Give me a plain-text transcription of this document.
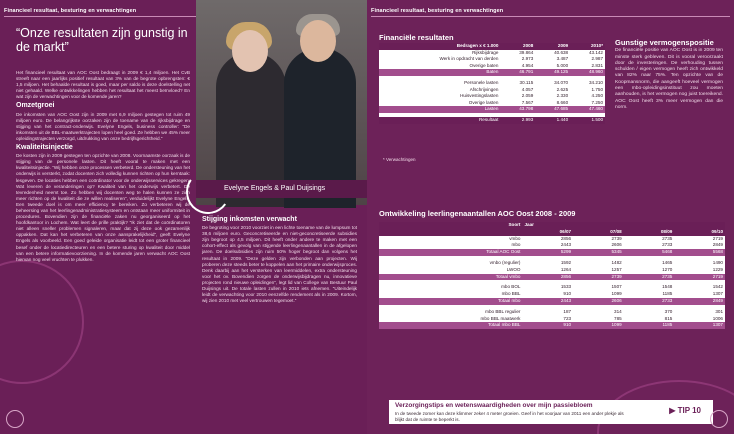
Financieel resultaat, besturing en verwachtingen
“Onze resultaten zijn gunstig in de markt”
Het financieel resultaat van AOC Oost bedraagt in 2009 € 1,4 miljoen. Het CvB streeft naar een jaarlijks positief resultaat van 3% van de begrote opbrengsten: € 1,5 miljoen. Het behaalde resultaat is goed, maar per saldo is deze doelstelling net niet gehaald. Welke ontwikkelingen hebben het resultaat het meest beïnvloed? En wat zijn de verwachtingen voor de komende jaren?
Omzetgroei
De inkomsten van AOC Oost zijn in 2009 met 6,9 miljoen gestegen tot ruim 49 miljoen euro. De belangrijkste oorzaken zijn de toename van de rijksbijdrage en stijging van het contract-onderwijs. Evelyne Engels, business controller: “De inkomsten uit de BBL-maatwerktrajecten lopen heel goed. Ze hebben we 45% meer opleidingstrajecten verzorgd, uitdrukking van onze bedrijfsgerichtheid.”
Kwaliteitsinjectie
De kosten zijn in 2009 gestegen ten opzichte van 2008. Voornaamste oorzaak is de stijging van de personele lasten. Dit heeft vooral te maken met een kwaliteitsinjectie. “Wij hebben onze processen verbeterd. De ondersteuning van het onderwijs is versterkt, zodat docenten zich volledig kunnen richten op hun kerntaak: lesgeven. De locaties hebben een coördinator voor de onderwijsservices gekregen. Wat leveren de veranderingen op? Kwaliteit van het onderwijs verbetert. De tevredenheid neemt toe. Zo hebben wij docenten weg te halen kunnen ze zich meer richten op de kwaliteit die ze willen realiseren”, verduidelijkt Evelyne Engels. Een tweede doel is om meer efficiency te bereiken. Zo verbeteren wij de beheersing van het leerlingenadministratiesysteem en ontstaan meer uniformiteit in procedures. Bovendien zijn de financiële zaken nu georganiseerd op het hoofdkantoor in Lochem. Wat leert de prille praktijk? “Ik ziet dat de coördinatoren niet alleen sneller problemen signaleren, maar dat zij deze ook gezamenlijk oppakken. Dat kan het verbeteren van onze aansprakelijkheid”, geeft Evelyne Engels als voorbeeld. Een goed geleide organisatie leidt tot een groter financieel besef onder de locatiedirecteuren en een betere sturing op kwaliteit door middel van een betere informatievoorziening. In de komende jaren verwacht AOC Oost hiervan nog veel vruchten te plukken.
Evelyne Engels & Paul Duijsings
Stijging inkomsten verwacht
De begroting voor 2010 voorziet in een lichte toename van de lumpsum tot 38,6 miljoen euro. Geconcretiseerde en niet-geconcretiseerde subsidies zijn begroot op 4,5 miljoen. Dit heeft onder andere te maken met een cohort-effect als gevolg van stijgende leerlingenaantallen in de afgelopen jaren. De doelsubsidies zijn ruim 50% hoger begroot dan volgens het resultaat in 2009. “Deze gelden zijn verbonden aan projecten. Wij proberen deze steeds beter te koppelen aan het primaire onderwijsproces. Denk daarbij aan het versterken van leermiddelen, extra ondersteuning voor het ov. Bovendien zorgen de onderwijsbijdragen nu, innovatieve projecten rond nieuwe opleidingen”, legt lid van College van Bestuur Paul Duijsings uit. De totale lasten zullen in 2010 iets afnemen. “Uiteindelijk leidt de verwachting voor 2010 eenzelfde rendement als in 2009. Kortom, wij zien 2010 met veel vertrouwen tegemoet.”
Financieel resultaat, besturing en verwachtingen
Financiële resultaten
Bedragen x € 1.000	2008	2009	2010*
Rijksbijdrage	39.864	40.638	43.142
Werk in opdracht van derden	2.973	3.487	2.987
Overige baten	4.954	5.000	2.831
Baten	46.791	49.125	48.960

Personele lasten	30.115	34.070	34.210
Afschrijvingen	4.057	2.625	1.750
Huisvestingslasten	2.059	2.330	4.250
Overige lasten	7.567	8.660	7.250
Lasten	43.798	47.685	47.460

Resultaat	2.993	1.440	1.500
* Verwachtingen
Gunstige vermogenspositie
De financiële positie van AOC Oost is in 2009 ten minste sterk gebleven. Dit is vooral veroorzaakt door de investeringen. De verhouding tussen schulden / eigen vermogen heeft zich ontwikkeld van 82% naar 75%. Ten opzichte van de Koopmansnorm, die aangeeft hoeveel vermogen een mbo-opleidingsinstituut zou moeten aanhouden, is het vermogen nog juist toereikend. AOC Oost heeft 3% meer vermogen dan die norm.
Ontwikkeling leerlingenaantallen AOC Oost 2008 - 2009
Soort	Jaar			
	06/07	07/08	08/09	09/10
vmbo	2856	2739	2735	2719
mbo	2443	2606	2733	2849
Totaal AOC Oost	5299	5345	5468	5568

vmbo (regulier)	1592	1482	1465	1490
LWOO	1264	1257	1270	1229
Totaal vmbo	2856	2739	2735	2719

mbo BOL	1533	1507	1548	1542
mbo BBL	910	1099	1185	1307
Totaal mbo	2443	2606	2733	2849

mbo BBL regulier	187	314	370	301
mbo BBL maatwerk	723	785	815	1006
Totaal mbo BBL	910	1099	1185	1307
Verzorgingstips en wetenswaardigheden over mijn passiebloem
In de tweede zomer kan deze klimmer zeker 4 meter groeien. Geef in het voorjaar van 2011 een ander plekje als blijkt dat de ruimte te beperkt is.
▶ TIP 10
